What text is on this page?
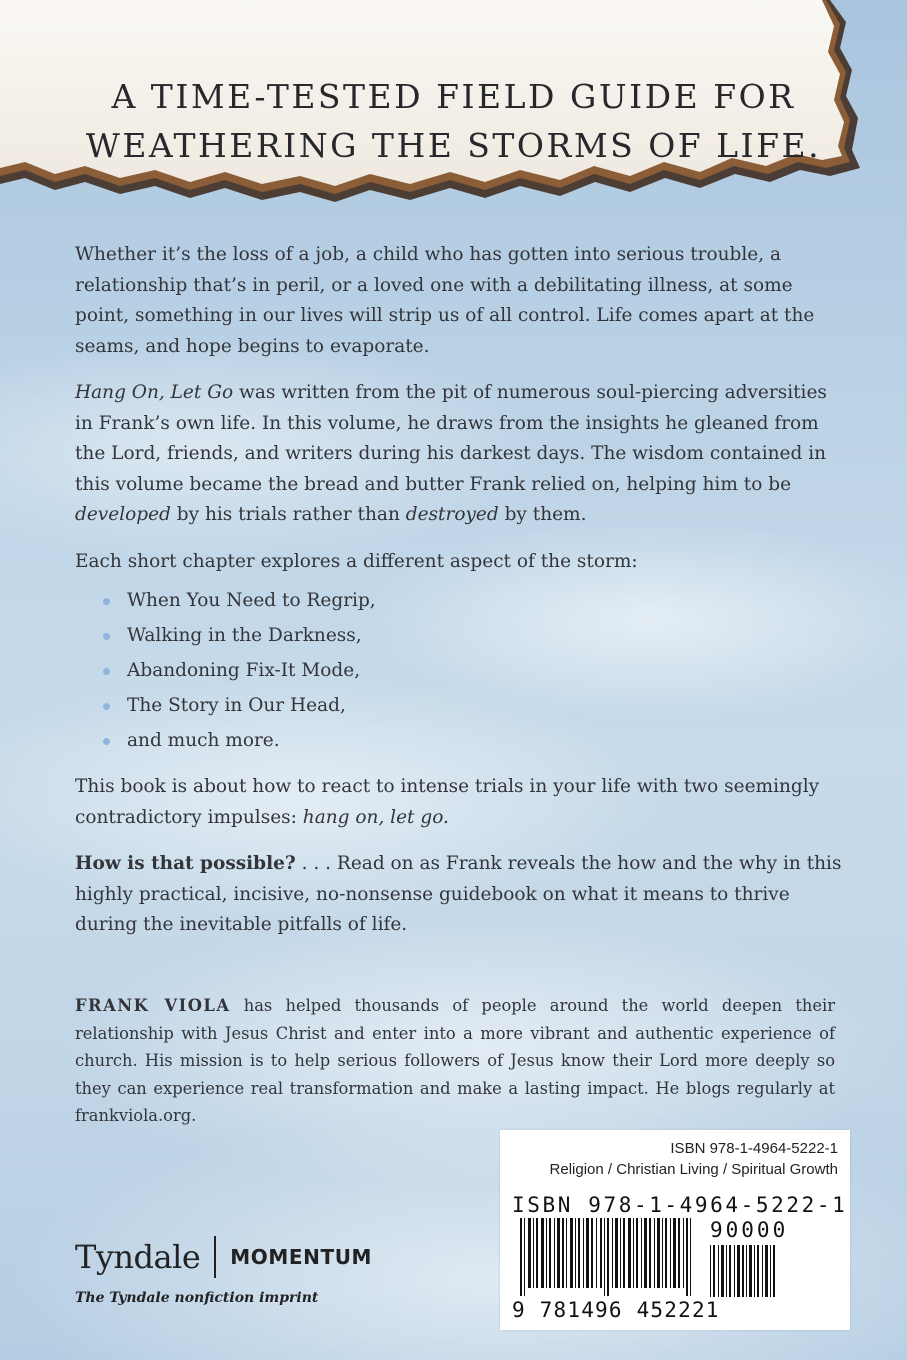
A TIME-TESTED FIELD GUIDE FOR
WEATHERING THE STORMS OF LIFE.

Whether it’s the loss of a job, a child who has gotten into serious trouble, a relationship that’s in peril, or a loved one with a debilitating illness, at some point, something in our lives will strip us of all control. Life comes apart at the seams, and hope begins to evaporate.

Hang On, Let Go was written from the pit of numerous soul-piercing adversities in Frank’s own life. In this volume, he draws from the insights he gleaned from the Lord, friends, and writers during his darkest days. The wisdom contained in this volume became the bread and butter Frank relied on, helping him to be developed by his trials rather than destroyed by them.

Each short chapter explores a different aspect of the storm:

When You Need to Regrip,
Walking in the Darkness,
Abandoning Fix-It Mode,
The Story in Our Head,
and much more.

This book is about how to react to intense trials in your life with two seemingly contradictory impulses: hang on, let go.

How is that possible? . . . Read on as Frank reveals the how and the why in this highly practical, incisive, no-nonsense guidebook on what it means to thrive during the inevitable pitfalls of life.

FRANK VIOLA has helped thousands of people around the world deepen their relationship with Jesus Christ and enter into a more vibrant and authentic experience of church. His mission is to help serious followers of Jesus know their Lord more deeply so they can experience real transformation and make a lasting impact. He blogs regularly at frankviola.org.
ISBN 978-1-4964-5222-1
Religion / Christian Living / Spiritual Growth
ISBN 978-1-4964-5222-1
90000
9 781496 452221
Tyndale MOMENTUM
The Tyndale nonfiction imprint
